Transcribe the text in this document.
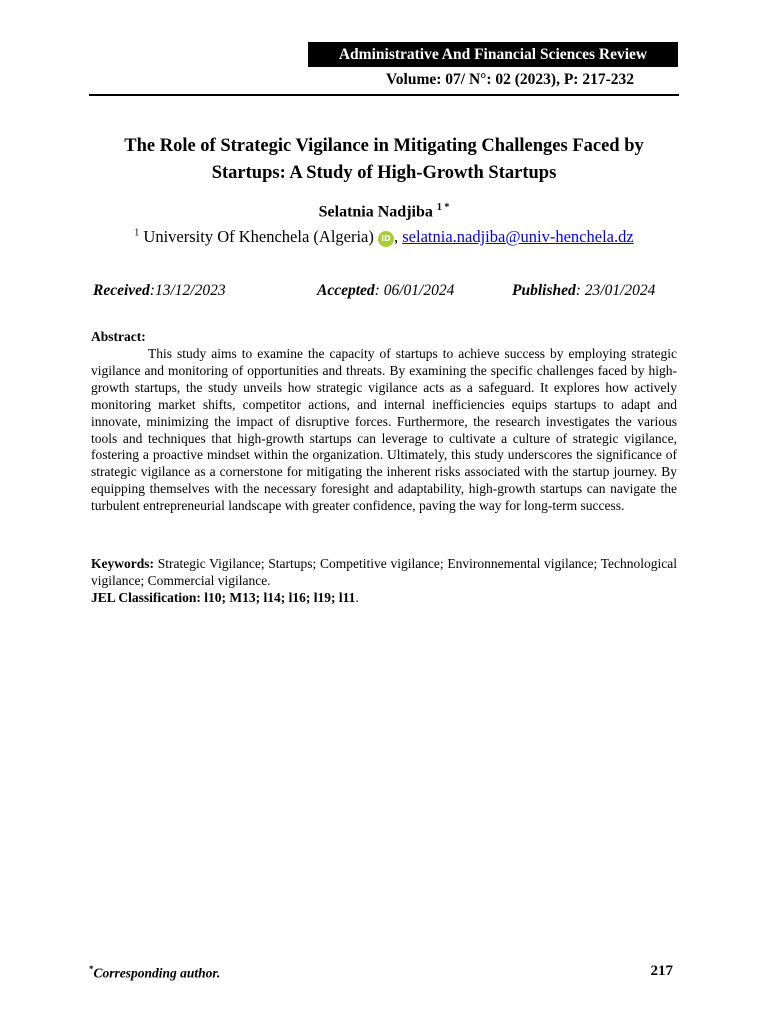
Administrative And Financial Sciences Review
Volume: 07/ N°: 02 (2023), P: 217-232
The Role of Strategic Vigilance in Mitigating Challenges Faced by
Startups: A Study of High-Growth Startups
Selatnia Nadjiba $^{1 *}$
$^1$ University Of Khenchela (Algeria) iD , selatnia.nadjiba@univ-henchela.dz
Received:13/12/2023	Accepted: 06/01/2024	Published: 23/01/2024
Abstract:

This study aims to examine the capacity of startups to achieve success by employing strategic vigilance and monitoring of opportunities and threats. By examining the specific challenges faced by high-growth startups, the study unveils how strategic vigilance acts as a safeguard. It explores how actively monitoring market shifts, competitor actions, and internal inefficiencies equips startups to adapt and innovate, minimizing the impact of disruptive forces. Furthermore, the research investigates the various tools and techniques that high-growth startups can leverage to cultivate a culture of strategic vigilance, fostering a proactive mindset within the organization. Ultimately, this study underscores the significance of strategic vigilance as a cornerstone for mitigating the inherent risks associated with the startup journey. By equipping themselves with the necessary foresight and adaptability, high-growth startups can navigate the turbulent entrepreneurial landscape with greater confidence, paving the way for long-term success.

Keywords: Strategic Vigilance; Startups; Competitive vigilance; Environnemental vigilance; Technological vigilance; Commercial vigilance.
JEL Classification: l10; M13; l14; l16; l19; l11.
*Corresponding author.	217
